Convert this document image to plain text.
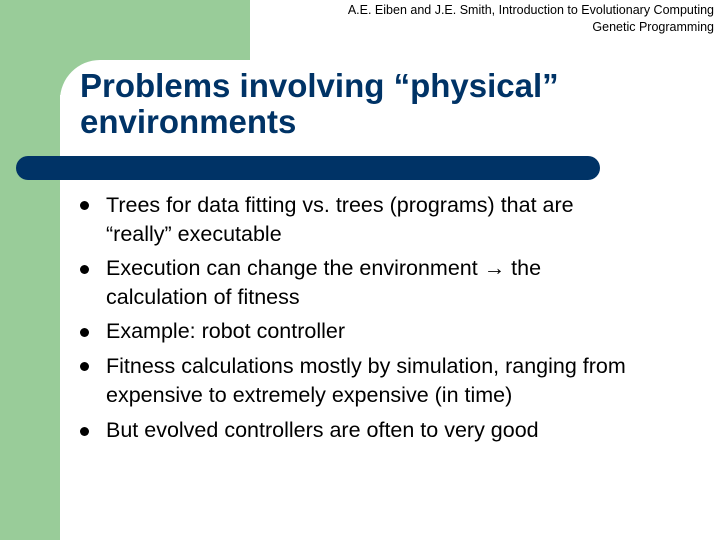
A.E. Eiben and J.E. Smith, Introduction to Evolutionary Computing
Genetic Programming
Problems involving “physical”
environments
Trees for data fitting vs. trees (programs) that are
“really” executable
Execution can change the environment → the
calculation of fitness
Example: robot controller
Fitness calculations mostly by simulation, ranging from
expensive to extremely expensive (in time)
But evolved controllers are often to very good
